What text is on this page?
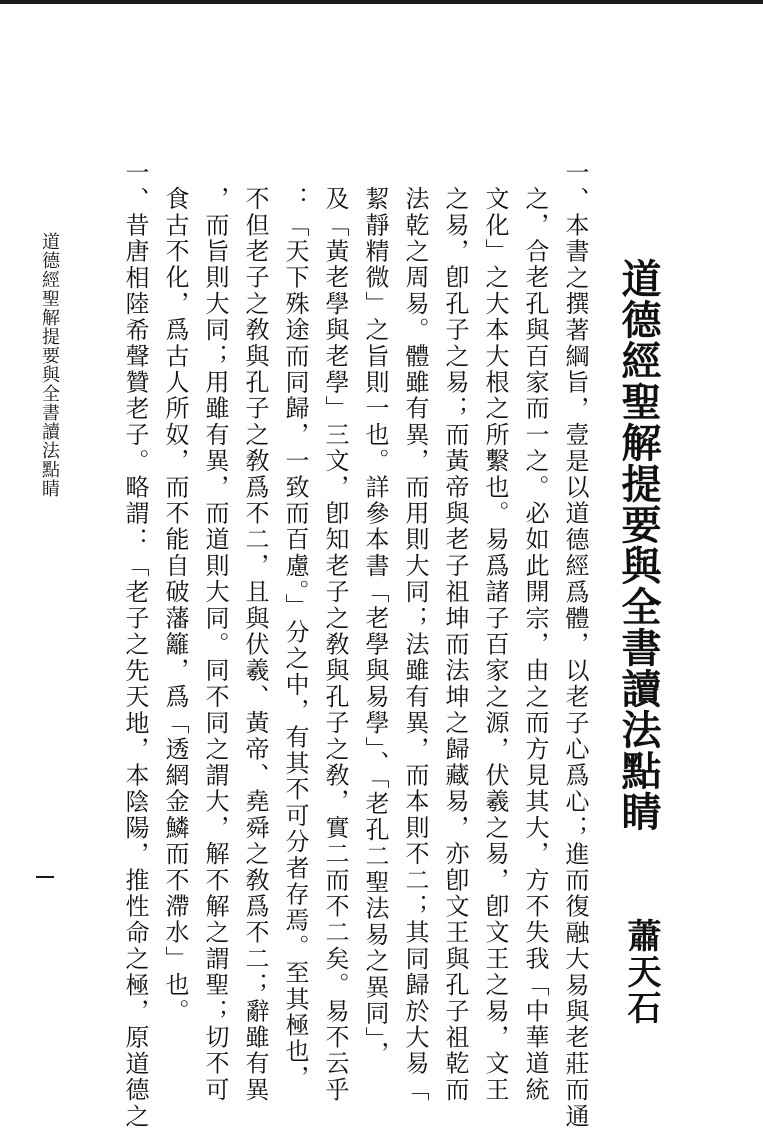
道德經聖解提要與全書讀法點睛
蕭天石
一、本書之撰著綱旨，壹是以道德經爲體，以老子心爲心；進而復融大易與老莊而通
之，合老孔與百家而一之。必如此開宗，由之而方見其大，方不失我「中華道統
文化」之大本大根之所繫也。易爲諸子百家之源，伏羲之易，卽文王之易，文王
之易，卽孔子之易；而黃帝與老子祖坤而法坤之歸藏易，亦卽文王與孔子祖乾而
法乾之周易。體雖有異，而用則大同；法雖有異，而本則不二；其同歸於大易「
絜靜精微」之旨則一也。詳參本書「老學與易學」、「老孔二聖法易之異同」，
及「黃老學與老學」三文，卽知老子之敎與孔子之敎，實二而不二矣。易不云乎
：「天下殊途而同歸，一致而百慮。」分之中，有其不可分者存焉。至其極也，
不但老子之敎與孔子之敎爲不二，且與伏羲、黃帝、堯舜之敎爲不二；辭雖有異
，而旨則大同；用雖有異，而道則大同。同不同之謂大，解不解之謂聖；切不可
食古不化，爲古人所奴，而不能自破藩籬，爲「透網金鱗而不滯水」也。
一、昔唐相陸希聲贊老子。略謂：「老子之先天地，本陰陽，推性命之極，原道德之
道德經聖解提要與全書讀法點睛
